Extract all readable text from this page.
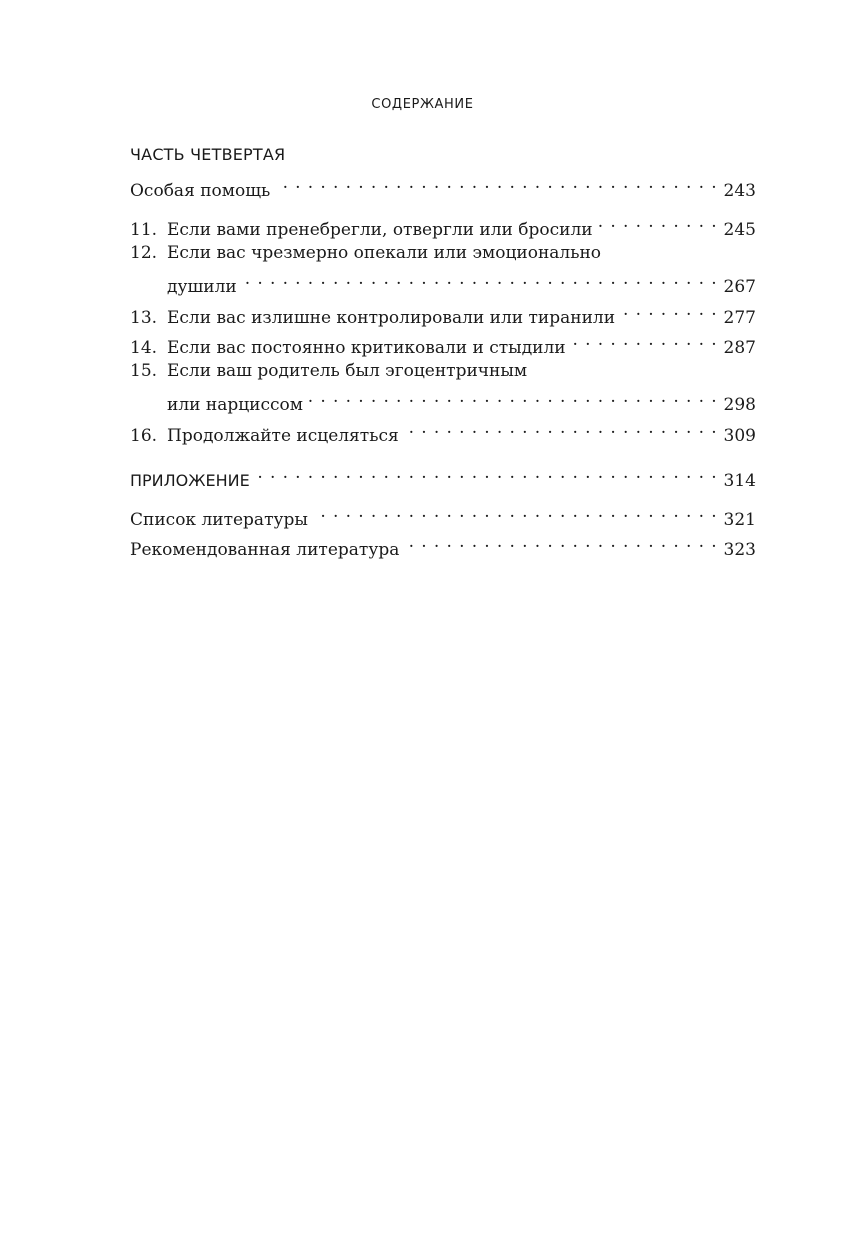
СОДЕРЖАНИЕ
ЧАСТЬ ЧЕТВЕРТАЯ
Особая помощь . . .	243
11. Если вами пренебрегли, отвергли или бросили . . .	245
12. Если вас чрезмерно опекали или эмоционально
душили . . .	267
13. Если вас излишне контролировали или тиранили . . .	277
14. Если вас постоянно критиковали и стыдили . . .	287
15. Если ваш родитель был эгоцентричным
или нарциссом . . .	298
16. Продолжайте исцеляться . . .	309
ПРИЛОЖЕНИЕ . . .	314
Список литературы . . .	321
Рекомендованная литература . . .	323
